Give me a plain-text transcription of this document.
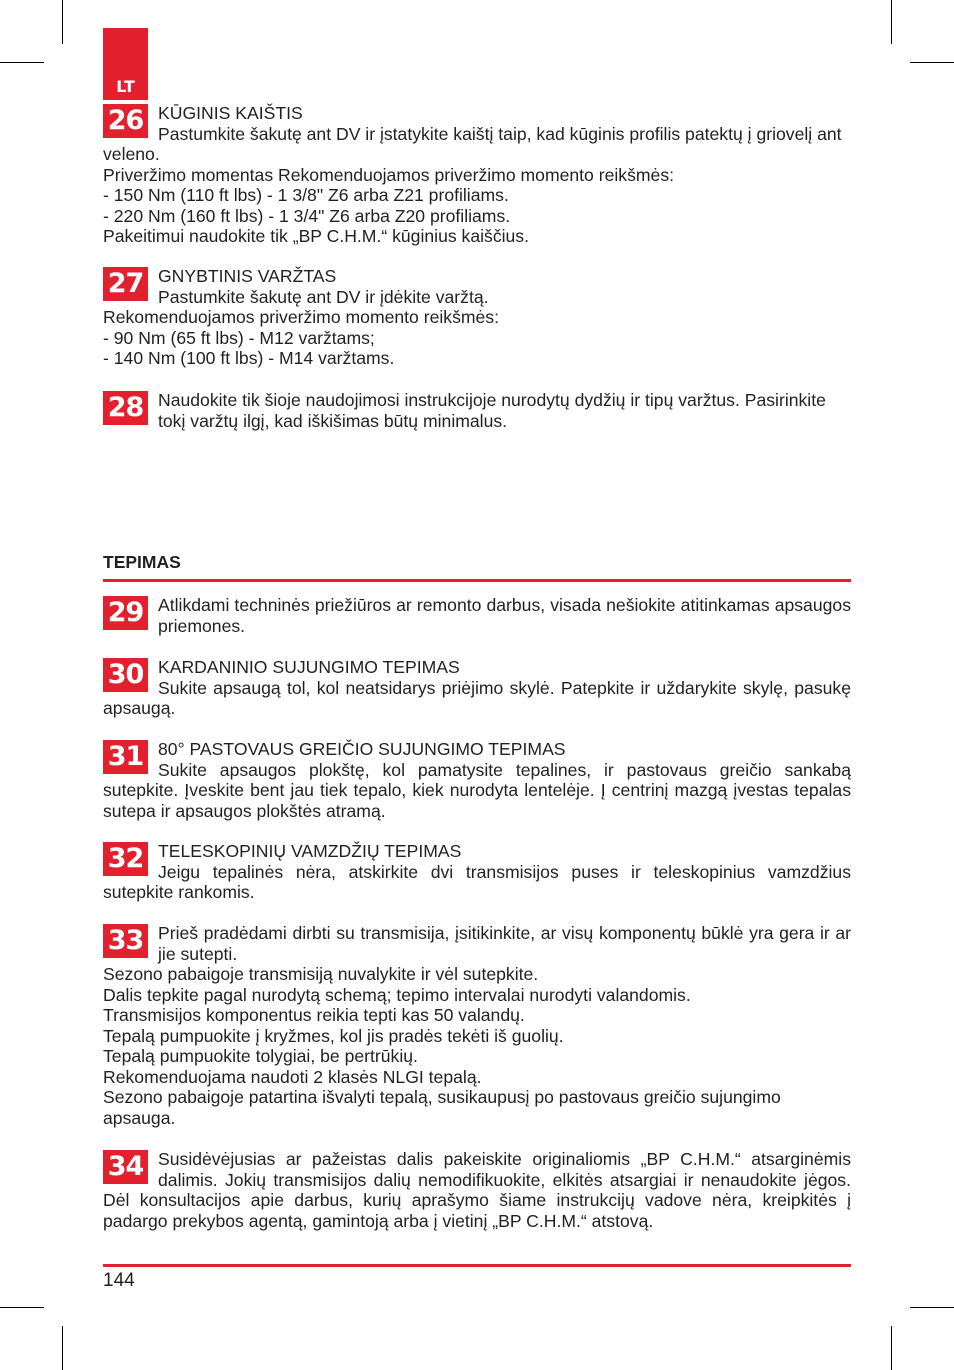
LT
26 KŪGINIS KAIŠTIS
Pastumkite šakutę ant DV ir įstatykite kaištį taip, kad kūginis profilis patektų į griovelį ant veleno.
Priveržimo momentas Rekomenduojamos priveržimo momento reikšmės:
- 150 Nm (110 ft lbs) - 1 3/8" Z6 arba Z21 profiliams.
- 220 Nm (160 ft lbs) - 1 3/4" Z6 arba Z20 profiliams.
Pakeitimui naudokite tik „BP C.H.M.“ kūginius kaiščius.
27 GNYBTINIS VARŽTAS
Pastumkite šakutę ant DV ir įdėkite varžtą.
Rekomenduojamos priveržimo momento reikšmės:
- 90 Nm (65 ft lbs) - M12 varžtams;
- 140 Nm (100 ft lbs) - M14 varžtams.
28 Naudokite tik šioje naudojimosi instrukcijoje nurodytų dydžių ir tipų varžtus. Pasirinkite tokį varžtų ilgį, kad iškišimas būtų minimalus.
TEPIMAS
29 Atlikdami techninės priežiūros ar remonto darbus, visada nešiokite atitinkamas apsaugos priemones.
30 KARDANINIO SUJUNGIMO TEPIMAS
Sukite apsaugą tol, kol neatsidarys priėjimo skylė. Patepkite ir uždarykite skylę, pasukę apsaugą.
31 80° PASTOVAUS GREIČIO SUJUNGIMO TEPIMAS
Sukite apsaugos plokštę, kol pamatysite tepalines, ir pastovaus greičio sankabą sutepkite. Įveskite bent jau tiek tepalo, kiek nurodyta lentelėje. Į centrinį mazgą įvestas tepalas sutepa ir apsaugos plokštės atramą.
32 TELESKOPINIŲ VAMZDŽIŲ TEPIMAS
Jeigu tepalinės nėra, atskirkite dvi transmisijos puses ir teleskopinius vamzdžius sutepkite rankomis.
33 Prieš pradėdami dirbti su transmisija, įsitikinkite, ar visų komponentų būklė yra gera ir ar jie sutepti.
Sezono pabaigoje transmisiją nuvalykite ir vėl sutepkite.
Dalis tepkite pagal nurodytą schemą; tepimo intervalai nurodyti valandomis.
Transmisijos komponentus reikia tepti kas 50 valandų.
Tepalą pumpuokite į kryžmes, kol jis pradės tekėti iš guolių.
Tepalą pumpuokite tolygiai, be pertrūkių.
Rekomenduojama naudoti 2 klasės NLGI tepalą.
Sezono pabaigoje patartina išvalyti tepalą, susikaupusį po pastovaus greičio sujungimo apsauga.
34 Susidėvėjusias ar pažeistas dalis pakeiskite originaliomis „BP C.H.M.“ atsarginėmis dalimis. Jokių transmisijos dalių nemodifikuokite, elkitės atsargiai ir nenaudokite jėgos. Dėl konsultacijos apie darbus, kurių aprašymo šiame instrukcijų vadove nėra, kreipkitės į padargo prekybos agentą, gamintoją arba į vietinį „BP C.H.M.“ atstovą.
144
